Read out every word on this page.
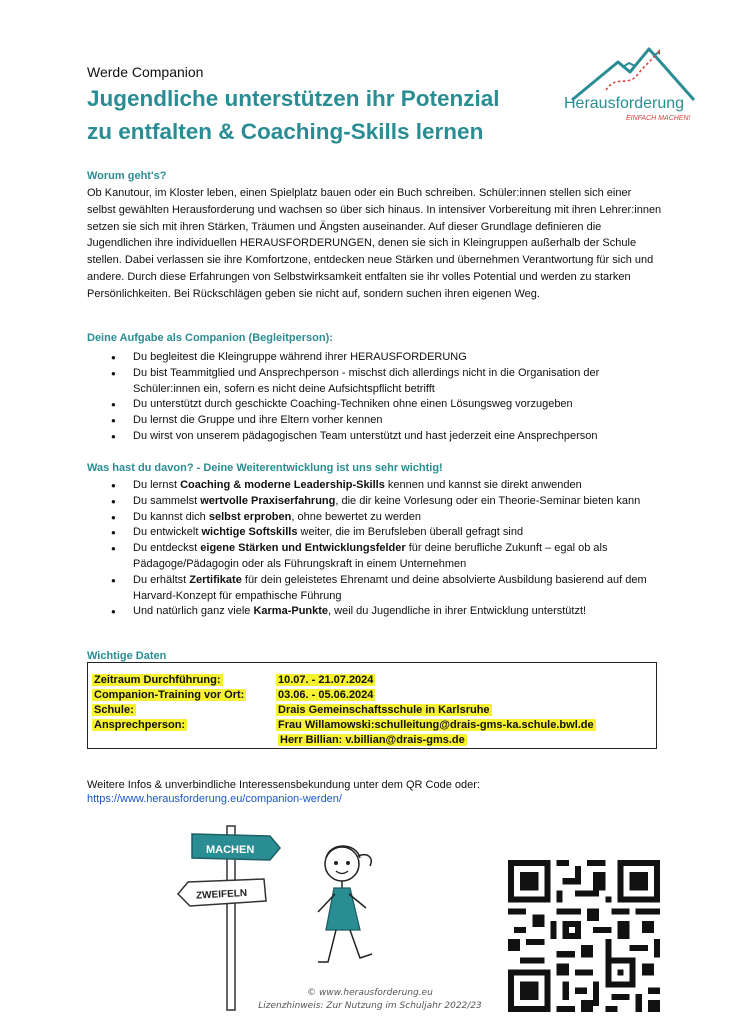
Werde Companion
Jugendliche unterstützen ihr Potenzial
zu entfalten & Coaching-Skills lernen
Herausforderung
EINFACH MACHEN!
Worum geht's?
Ob Kanutour, im Kloster leben, einen Spielplatz bauen oder ein Buch schreiben. Schüler:innen stellen sich einer selbst gewählten Herausforderung und wachsen so über sich hinaus. In intensiver Vorbereitung mit ihren Lehrer:innen setzen sie sich mit ihren Stärken, Träumen und Ängsten auseinander. Auf dieser Grundlage definieren die Jugendlichen ihre individuellen HERAUSFORDERUNGEN, denen sie sich in Kleingruppen außerhalb der Schule stellen. Dabei verlassen sie ihre Komfortzone, entdecken neue Stärken und übernehmen Verantwortung für sich und andere. Durch diese Erfahrungen von Selbstwirksamkeit entfalten sie ihr volles Potential und werden zu starken Persönlichkeiten. Bei Rückschlägen geben sie nicht auf, sondern suchen ihren eigenen Weg.
Deine Aufgabe als Companion (Begleitperson):
● Du begleitest die Kleingruppe während ihrer HERAUSFORDERUNG
● Du bist Teammitglied und Ansprechperson - mischst dich allerdings nicht in die Organisation der Schüler:innen ein, sofern es nicht deine Aufsichtspflicht betrifft
● Du unterstützt durch geschickte Coaching-Techniken ohne einen Lösungsweg vorzugeben
● Du lernst die Gruppe und ihre Eltern vorher kennen
● Du wirst von unserem pädagogischen Team unterstützt und hast jederzeit eine Ansprechperson
Was hast du davon? - Deine Weiterentwicklung ist uns sehr wichtig!
● Du lernst Coaching & moderne Leadership-Skills kennen und kannst sie direkt anwenden
● Du sammelst wertvolle Praxiserfahrung, die dir keine Vorlesung oder ein Theorie-Seminar bieten kann
● Du kannst dich selbst erproben, ohne bewertet zu werden
● Du entwickelt wichtige Softskills weiter, die im Berufsleben überall gefragt sind
● Du entdeckst eigene Stärken und Entwicklungsfelder für deine berufliche Zukunft – egal ob als Pädagoge/Pädagogin oder als Führungskraft in einem Unternehmen
● Du erhältst Zertifikate für dein geleistetes Ehrenamt und deine absolvierte Ausbildung basierend auf dem Harvard-Konzept für empathische Führung
● Und natürlich ganz viele Karma-Punkte, weil du Jugendliche in ihrer Entwicklung unterstützt!
Wichtige Daten
Zeitraum Durchführung:	10.07. - 21.07.2024
Companion-Training vor Ort:	03.06. - 05.06.2024
Schule:	Drais Gemeinschaftsschule in Karlsruhe
Ansprechperson:	Frau Willamowski:schulleitung@drais-gms-ka.schule.bwl.de
Herr Billian: v.billian@drais-gms.de
Weitere Infos & unverbindliche Interessensbekundung unter dem QR Code oder:
https://www.herausforderung.eu/companion-werden/
MACHEN
ZWEIFELN
© www.herausforderung.eu
Lizenzhinweis: Zur Nutzung im Schuljahr 2022/23
